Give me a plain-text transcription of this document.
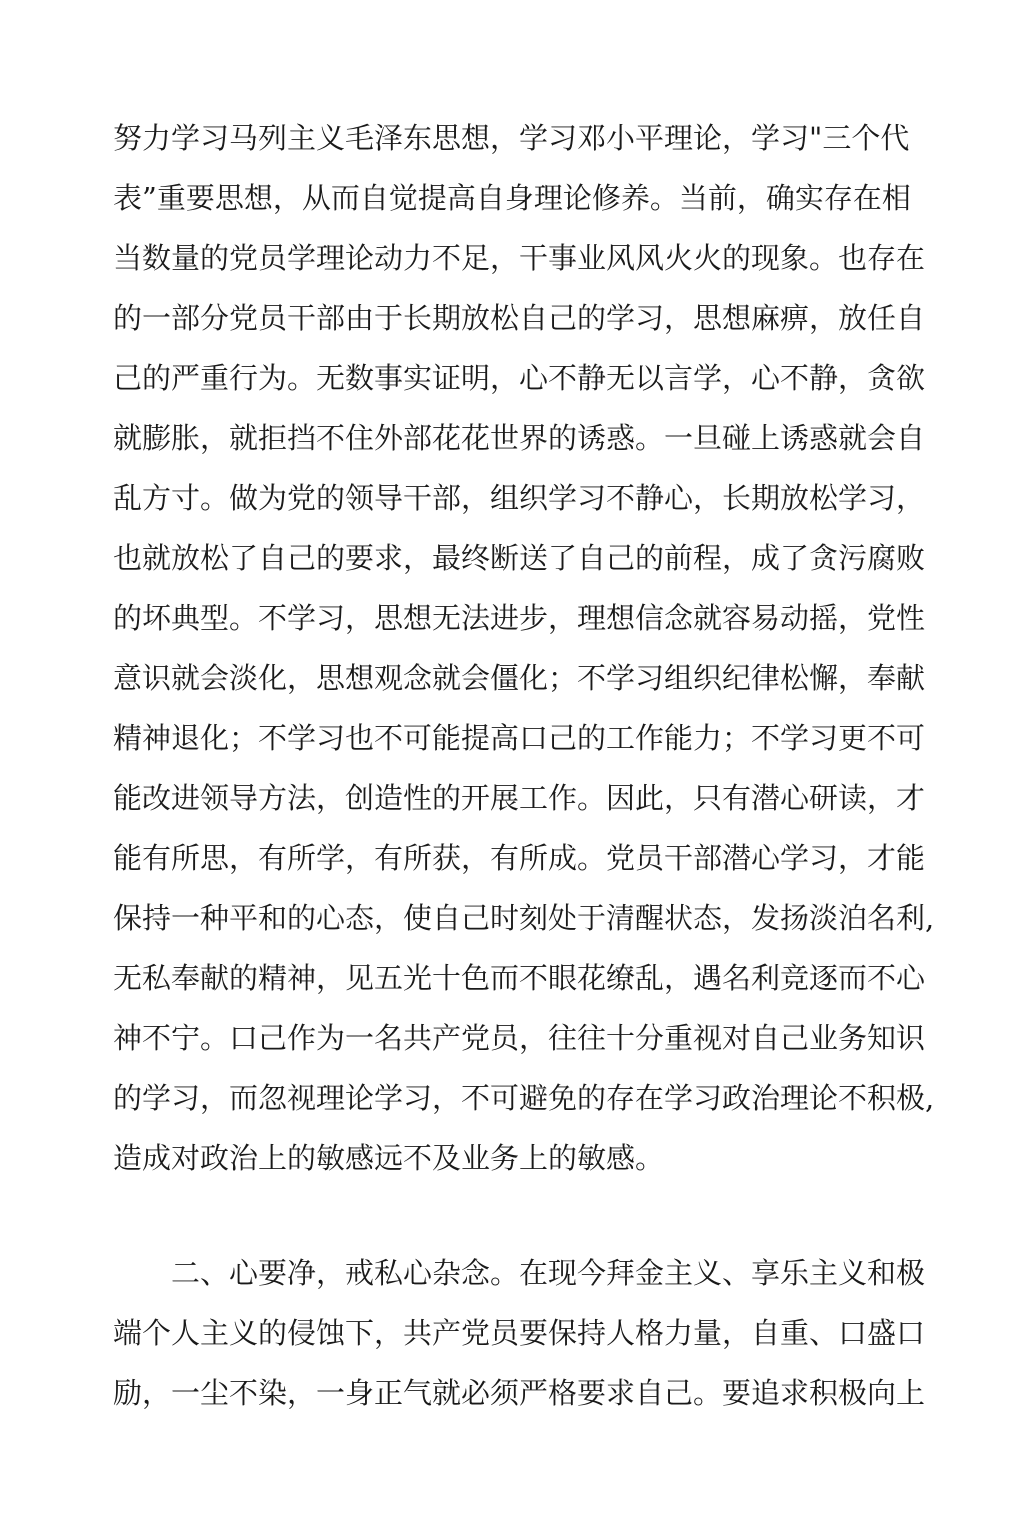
努力学习马列主义毛泽东思想，学习邓小平理论，学习"三个代
表”重要思想，从而自觉提高自身理论修养。当前，确实存在相
当数量的党员学理论动力不足，干事业风风火火的现象。也存在
的一部分党员干部由于长期放松自己的学习，思想麻痹，放任自
己的严重行为。无数事实证明，心不静无以言学，心不静，贪欲
就膨胀，就拒挡不住外部花花世界的诱惑。一旦碰上诱惑就会自
乱方寸。做为党的领导干部，组织学习不静心，长期放松学习，
也就放松了自己的要求，最终断送了自己的前程，成了贪污腐败
的坏典型。不学习，思想无法进步，理想信念就容易动摇，党性
意识就会淡化，思想观念就会僵化；不学习组织纪律松懈，奉献
精神退化；不学习也不可能提高口己的工作能力；不学习更不可
能改进领导方法，创造性的开展工作。因此，只有潜心研读，才
能有所思，有所学，有所获，有所成。党员干部潜心学习，才能
保持一种平和的心态，使自己时刻处于清醒状态，发扬淡泊名利,
无私奉献的精神，见五光十色而不眼花缭乱，遇名利竞逐而不心
神不宁。口己作为一名共产党员，往往十分重视对自己业务知识
的学习，而忽视理论学习，不可避免的存在学习政治理论不积极,
造成对政治上的敏感远不及业务上的敏感。
二、心要净，戒私心杂念。在现今拜金主义、享乐主义和极
端个人主义的侵蚀下，共产党员要保持人格力量，自重、口盛口
励，一尘不染，一身正气就必须严格要求自己。要追求积极向上
